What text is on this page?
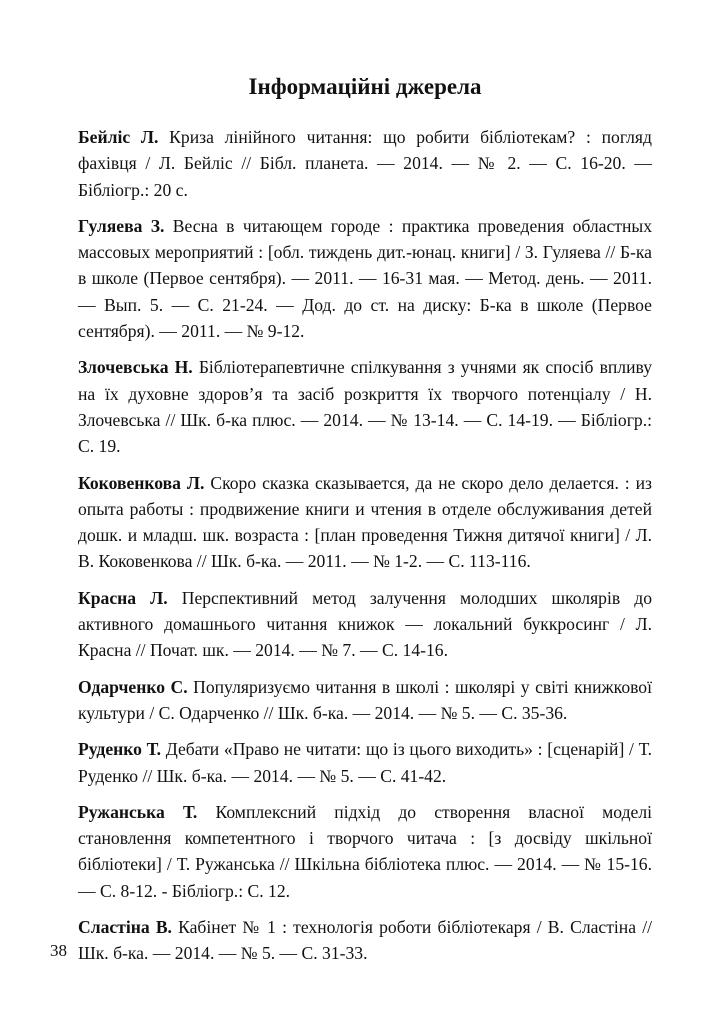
Інформаційні джерела

Бейліс Л. Криза лінійного читання: що робити бібліотекам? : погляд фахівця / Л. Бейліс // Бібл. планета. — 2014. — № 2. — С. 16-20. — Бібліогр.: 20 с.

Гуляева З. Весна в читающем городе : практика проведения областных массовых мероприятий : [обл. тиждень дит.-юнац. книги] / З. Гуляева // Б-ка в школе (Первое сентября). — 2011. — 16-31 мая. — Метод. день. — 2011. — Вып. 5. — С. 21-24. — Дод. до ст. на диску: Б-ка в школе (Первое сентября). — 2011. — № 9-12.

Злочевська Н. Бібліотерапевтичне спілкування з учнями як спосіб впливу на їх духовне здоров’я та засіб розкриття їх творчого потенціалу / Н. Злочевська // Шк. б-ка плюс. — 2014. — № 13-14. — С. 14-19. — Бібліогр.: С. 19.

Коковенкова Л. Скоро сказка сказывается, да не скоро дело делается. : из опыта работы : продвижение книги и чтения в отделе обслуживания детей дошк. и младш. шк. возраста : [план проведення Тижня дитячої книги] / Л. В. Коковенкова // Шк. б-ка. — 2011. — № 1-2. — С. 113-116.

Красна Л. Перспективний метод залучення молодших школярів до активного домашнього читання книжок — локальний буккросинг / Л. Красна // Почат. шк. — 2014. — № 7. — С. 14-16.

Одарченко С. Популяризуємо читання в школі : школярі у світі книжкової культури / С. Одарченко // Шк. б-ка. — 2014. — № 5. — С. 35-36.

Руденко Т. Дебати «Право не читати: що із цього виходить» : [сценарій] / Т. Руденко // Шк. б-ка. — 2014. — № 5. — С. 41-42.

Ружанська Т. Комплексний підхід до створення власної моделі становлення компетентного і творчого читача : [з досвіду шкільної бібліотеки] / Т. Ружанська // Шкільна бібліотека плюс. — 2014. — № 15-16. — С. 8-12. - Бібліогр.: С. 12.

Сластіна В. Кабінет № 1 : технологія роботи бібліотекаря / В. Сластіна // Шк. б-ка. — 2014. — № 5. — С. 31-33.

38
